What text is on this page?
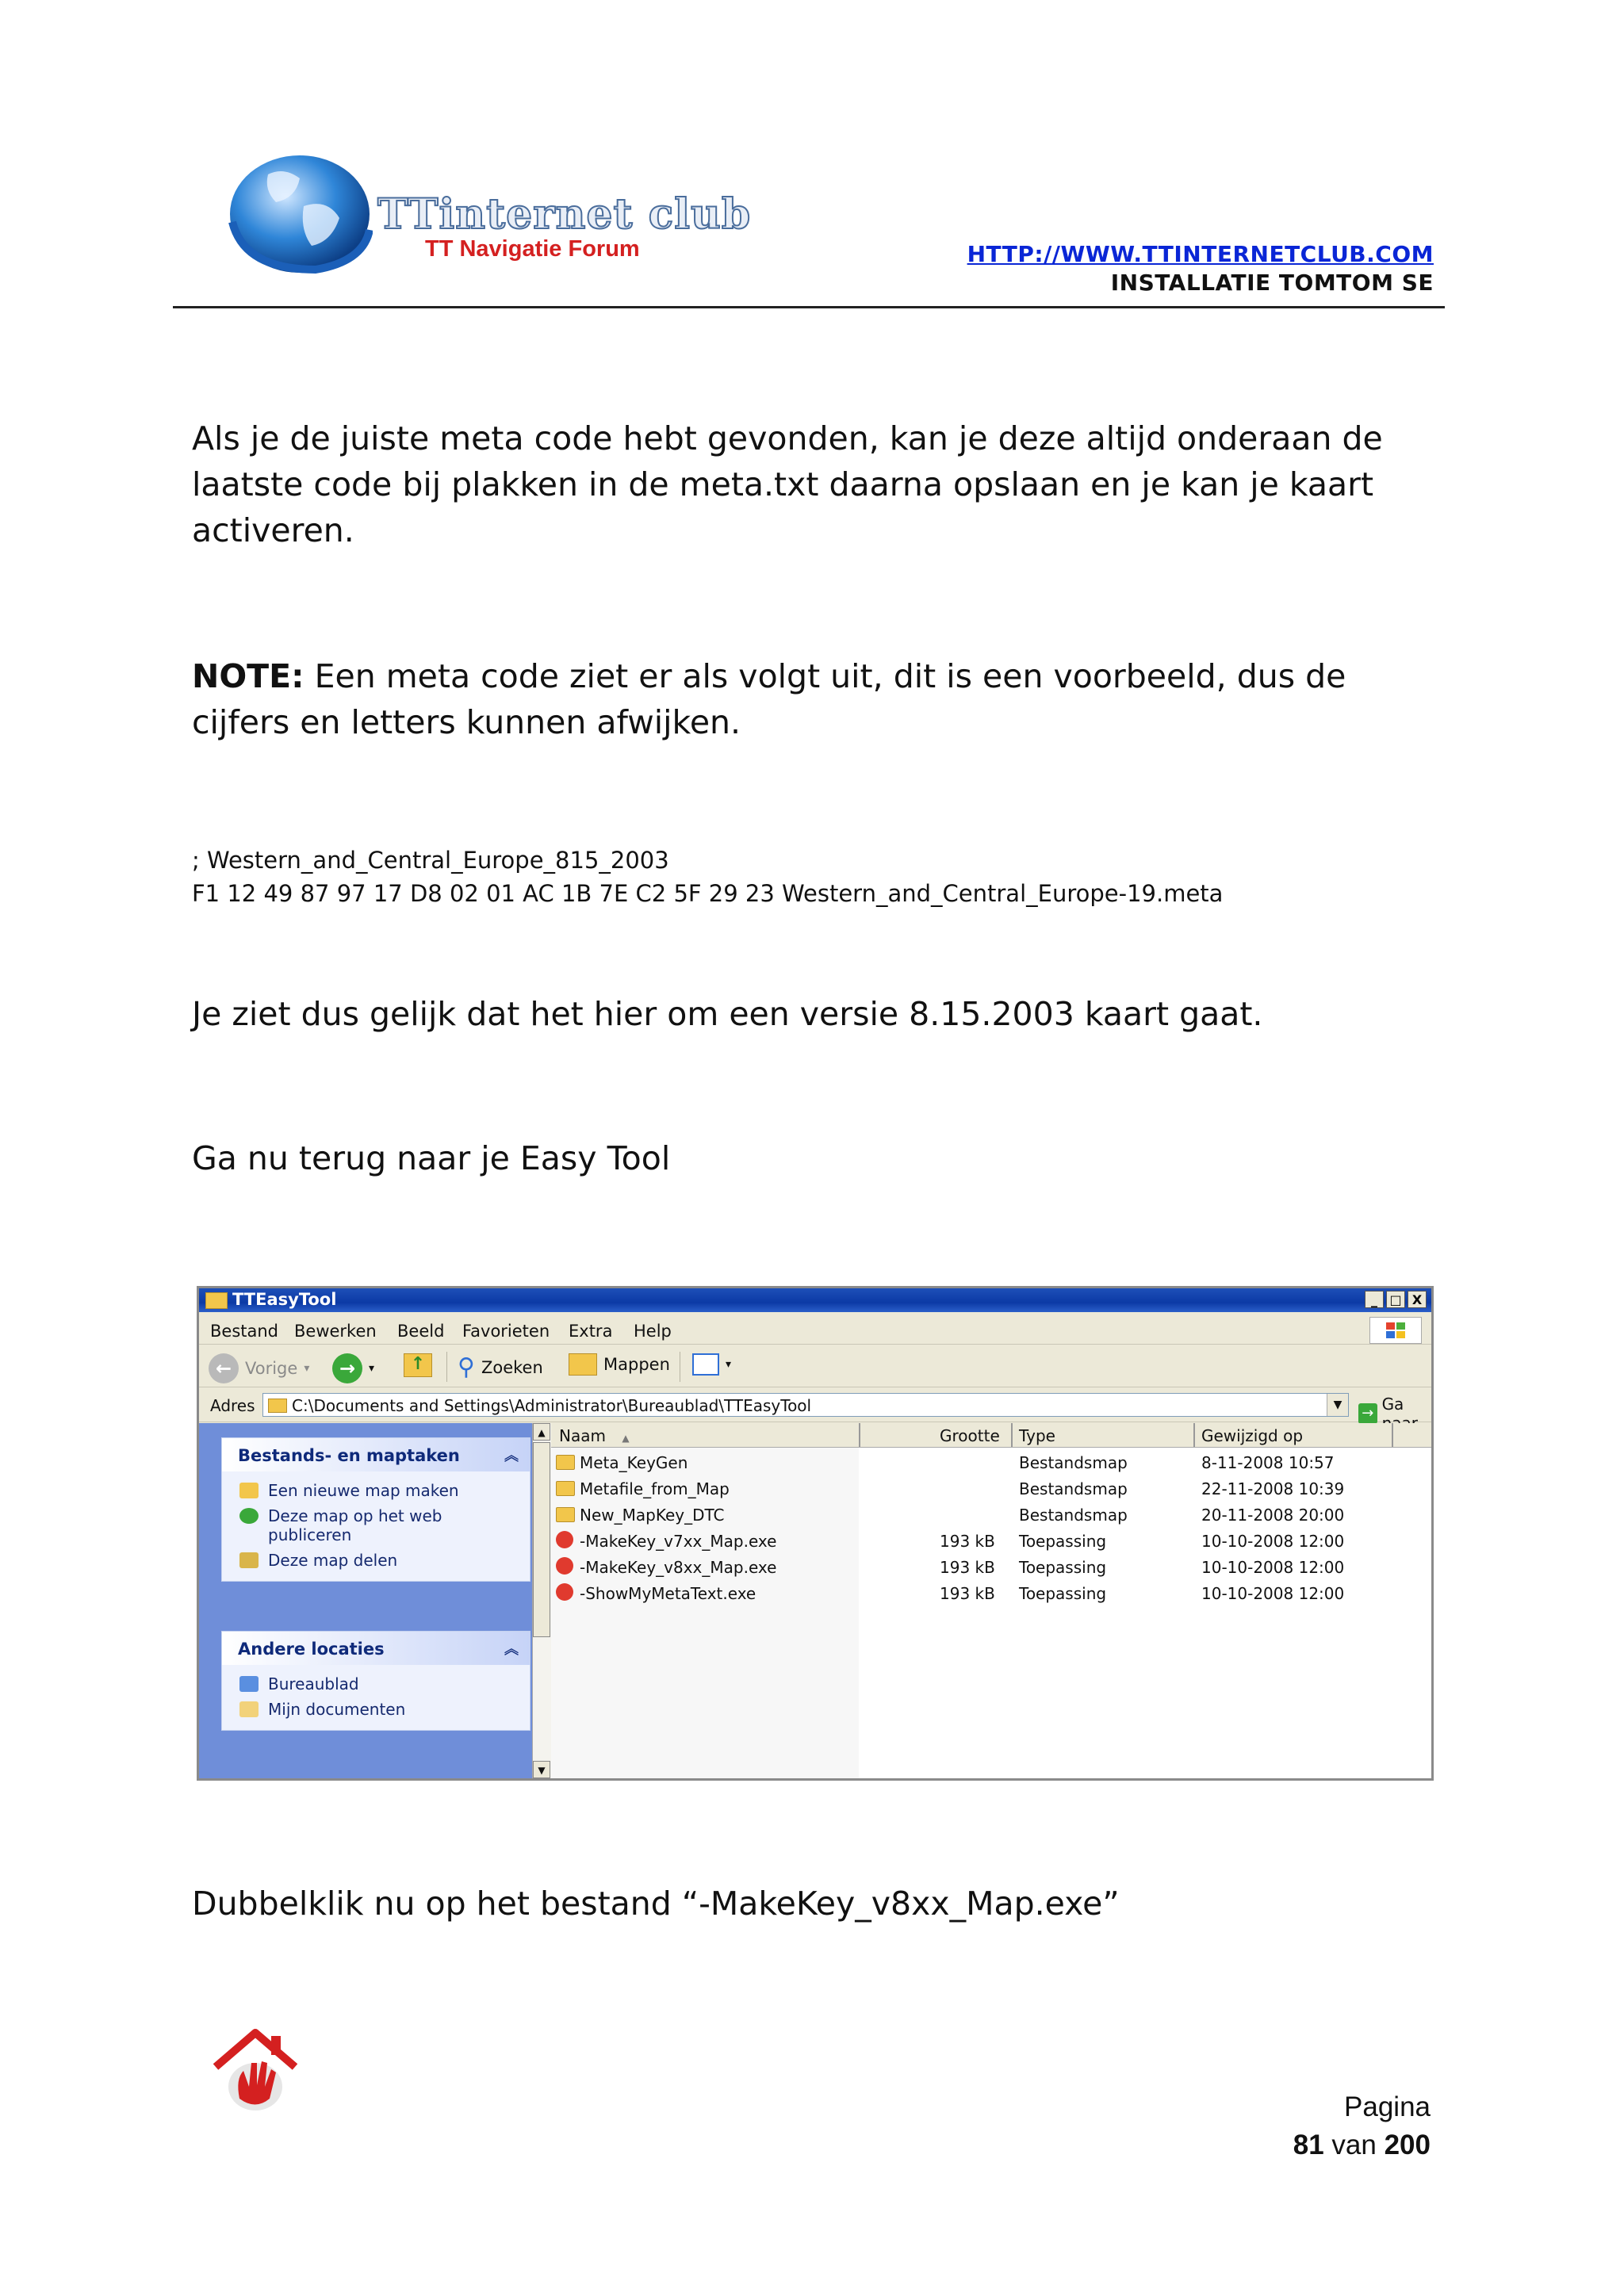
TTinternet club
TT Navigatie Forum	HTTP://WWW.TTINTERNETCLUB.COM
INSTALLATIE TOMTOM SE
Als je de juiste meta code hebt gevonden, kan je deze altijd onderaan de laatste code bij plakken in de meta.txt daarna opslaan en je kan je kaart activeren.
NOTE: Een meta code ziet er als volgt uit, dit is een voorbeeld, dus de cijfers en letters kunnen afwijken.
; Western_and_Central_Europe_815_2003
F1 12 49 87 97 17 D8 02 01 AC 1B 7E C2 5F 29 23 Western_and_Central_Europe-19.meta
Je ziet dus gelijk dat het hier om een versie 8.15.2003 kaart gaat.
Ga nu terug naar je Easy Tool
TTEasyTool	_ □ X
Bestand Bewerken Beeld Favorieten Extra Help
← Vorige ▾	→	▾	↑ ⚲ Zoeken	Mappen	▾
Adres C:\Documents and Settings\Administrator\Bureaublad\TTEasyTool	▼	→ Ga
Bestands- en maptaken	︽
Een nieuwe map maken
Deze map op het web publiceren
Deze map delen
Andere locaties	︽
Bureaublad
Mijn documenten
▲
▼
Naam ▲	Grootte Type	Gewijzigd op
Meta_KeyGen	Bestandsmap	8-11-2008 10:57
Metafile_from_Map	Bestandsmap	22-11-2008 10:39
New_MapKey_DTC	Bestandsmap	20-11-2008 20:00
-MakeKey_v7xx_Map.exe	193 kB Toepassing	10-10-2008 12:00
-MakeKey_v8xx_Map.exe	193 kB Toepassing	10-10-2008 12:00
-ShowMyMetaText.exe	193 kB Toepassing	10-10-2008 12:00
Dubbelklik nu op het bestand “-MakeKey_v8xx_Map.exe”
Pagina
81 van 200
